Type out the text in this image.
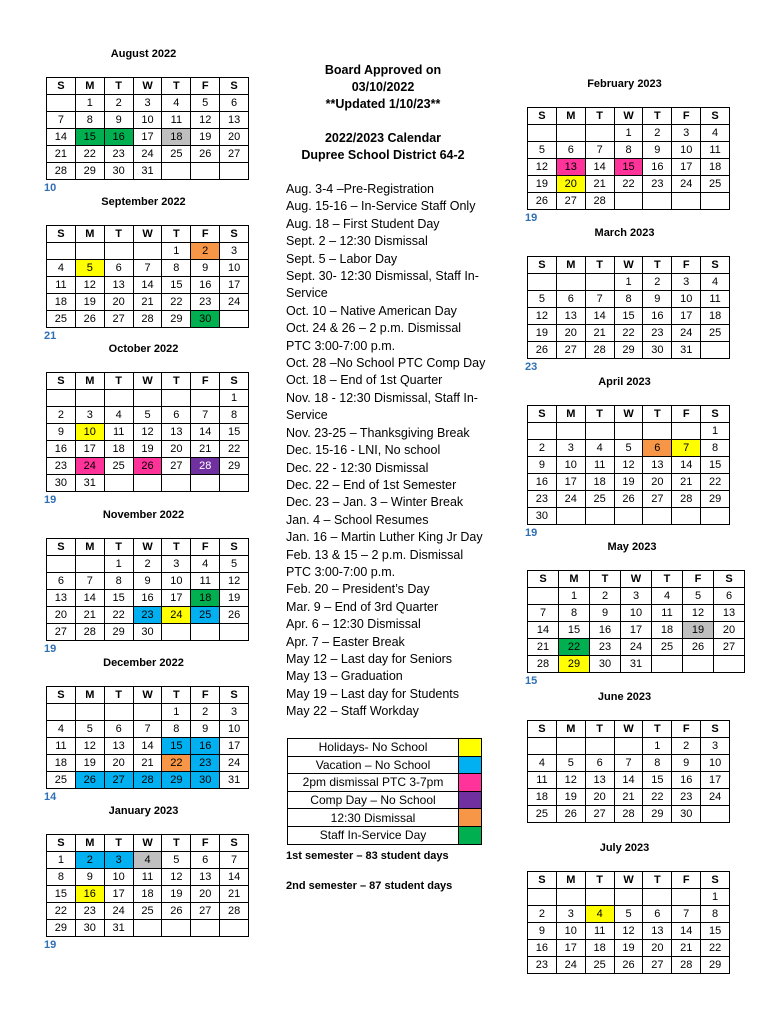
Board Approved on
03/10/2022
**Updated 1/10/23**
2022/2023 Calendar
Dupree School District 64-2
August 2022
S	M	T	W	T	F	S
	1	2	3	4	5	6
7	8	9	10	11	12	13
14	15	16	17	18	19	20
21	22	23	24	25	26	27
28	29	30	31			
10
September 2022
S	M	T	W	T	F	S
				1	2	3
4	5	6	7	8	9	10
11	12	13	14	15	16	17
18	19	20	21	22	23	24
25	26	27	28	29	30	
21
October 2022
S	M	T	W	T	F	S
						1
2	3	4	5	6	7	8
9	10	11	12	13	14	15
16	17	18	19	20	21	22
23	24	25	26	27	28	29
30	31					
19
November 2022
S	M	T	W	T	F	S
		1	2	3	4	5
6	7	8	9	10	11	12
13	14	15	16	17	18	19
20	21	22	23	24	25	26
27	28	29	30			
19
December 2022
S	M	T	W	T	F	S
				1	2	3
4	5	6	7	8	9	10
11	12	13	14	15	16	17
18	19	20	21	22	23	24
25	26	27	28	29	30	31
14
January 2023
S	M	T	W	T	F	S
1	2	3	4	5	6	7
8	9	10	11	12	13	14
15	16	17	18	19	20	21
22	23	24	25	26	27	28
29	30	31				
19
February 2023
S	M	T	W	T	F	S
			1	2	3	4
5	6	7	8	9	10	11
12	13	14	15	16	17	18
19	20	21	22	23	24	25
26	27	28				
19
March 2023
S	M	T	W	T	F	S
			1	2	3	4
5	6	7	8	9	10	11
12	13	14	15	16	17	18
19	20	21	22	23	24	25
26	27	28	29	30	31	
23
April 2023
S	M	T	W	T	F	S
						1
2	3	4	5	6	7	8
9	10	11	12	13	14	15
16	17	18	19	20	21	22
23	24	25	26	27	28	29
30						
19
May 2023
S	M	T	W	T	F	S
	1	2	3	4	5	6
7	8	9	10	11	12	13
14	15	16	17	18	19	20
21	22	23	24	25	26	27
28	29	30	31			
15
June 2023
S	M	T	W	T	F	S
				1	2	3
4	5	6	7	8	9	10
11	12	13	14	15	16	17
18	19	20	21	22	23	24
25	26	27	28	29	30	
July 2023
S	M	T	W	T	F	S
						1
2	3	4	5	6	7	8
9	10	11	12	13	14	15
16	17	18	19	20	21	22
23	24	25	26	27	28	29
Aug. 3-4 –Pre-Registration
Aug. 15-16 – In-Service Staff Only
Aug. 18 – First Student Day
Sept. 2 – 12:30 Dismissal
Sept. 5 – Labor Day
Sept. 30- 12:30 Dismissal, Staff In-Service
Oct. 10 – Native American Day
Oct. 24 & 26 – 2 p.m. Dismissal
PTC 3:00-7:00 p.m.
Oct. 28 –No School PTC Comp Day
Oct. 18 – End of 1st Quarter
Nov. 18 - 12:30 Dismissal, Staff In-Service
Nov. 23-25 – Thanksgiving Break
Dec. 15-16 - LNI, No school
Dec. 22 - 12:30 Dismissal
Dec. 22 – End of 1st Semester
Dec. 23 – Jan. 3 – Winter Break
Jan. 4 – School Resumes
Jan. 16 – Martin Luther King Jr Day
Feb. 13 & 15 – 2 p.m. Dismissal
PTC 3:00-7:00 p.m.
Feb. 20 – President’s Day
Mar. 9 – End of 3rd Quarter
Apr. 6 – 12:30 Dismissal
Apr. 7 – Easter Break
May 12 – Last day for Seniors
May 13 – Graduation
May 19 – Last day for Students
May 22 – Staff Workday
Holidays- No School	
Vacation – No School	
2pm dismissal PTC 3-7pm	
Comp Day – No School	
12:30 Dismissal	
Staff In-Service Day	
1st semester – 83 student days
2nd semester – 87 student days
